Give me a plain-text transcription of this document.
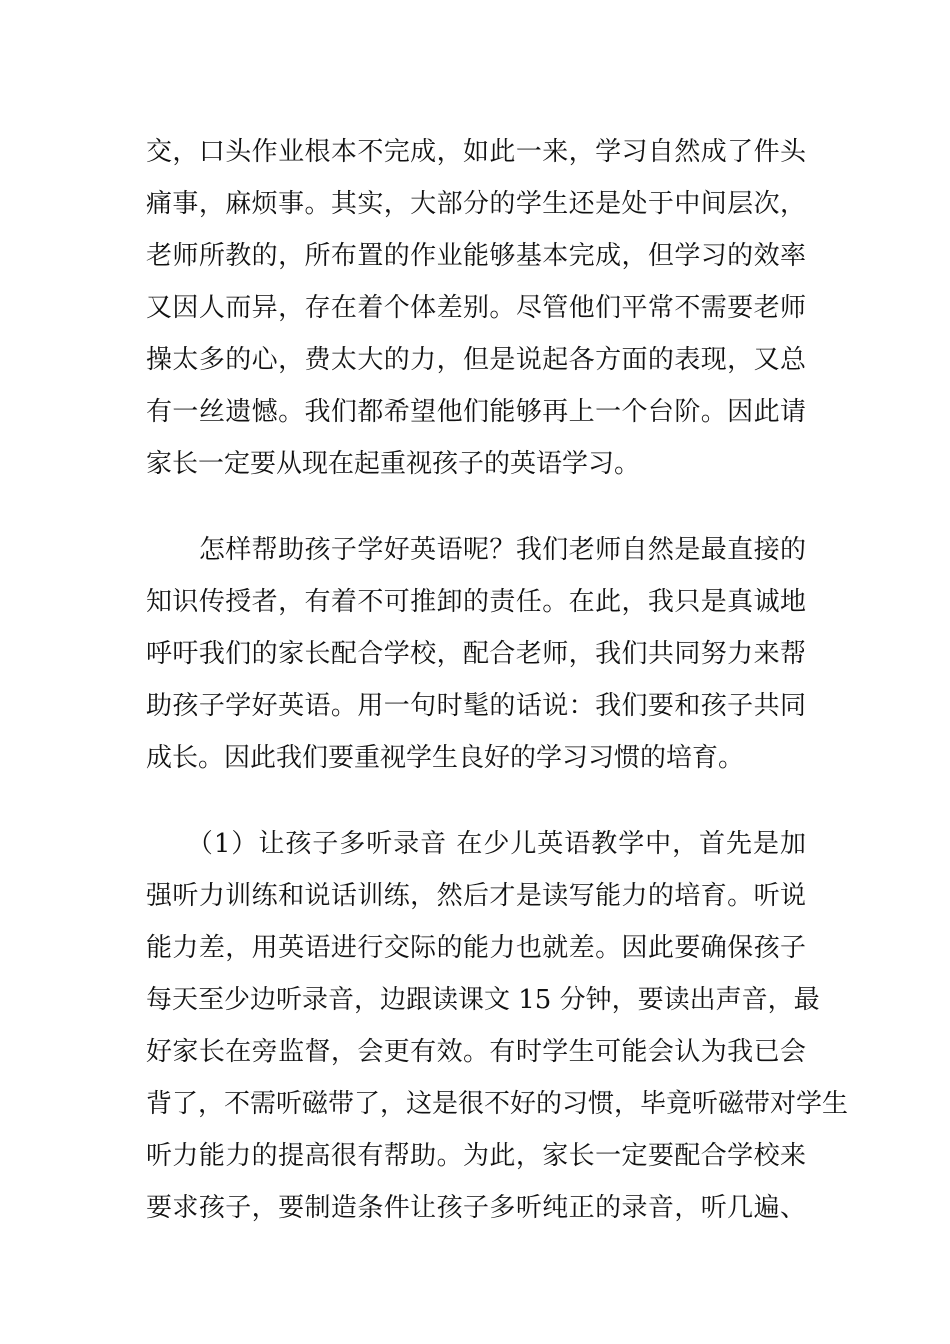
交，口头作业根本不完成，如此一来，学习自然成了件头
痛事，麻烦事。其实，大部分的学生还是处于中间层次，
老师所教的，所布置的作业能够基本完成，但学习的效率
又因人而异，存在着个体差别。尽管他们平常不需要老师
操太多的心，费太大的力，但是说起各方面的表现，又总
有一丝遗憾。我们都希望他们能够再上一个台阶。因此请
家长一定要从现在起重视孩子的英语学习。
　　怎样帮助孩子学好英语呢？我们老师自然是最直接的
知识传授者，有着不可推卸的责任。在此，我只是真诚地
呼吁我们的家长配合学校，配合老师，我们共同努力来帮
助孩子学好英语。用一句时髦的话说：我们要和孩子共同
成长。因此我们要重视学生良好的学习习惯的培育。
　　（1）让孩子多听录音 在少儿英语教学中，首先是加
强听力训练和说话训练，然后才是读写能力的培育。听说
能力差，用英语进行交际的能力也就差。因此要确保孩子
每天至少边听录音，边跟读课文 15 分钟，要读出声音，最
好家长在旁监督，会更有效。有时学生可能会认为我已会
背了，不需听磁带了，这是很不好的习惯，毕竟听磁带对学生
听力能力的提高很有帮助。为此，家长一定要配合学校来
要求孩子，要制造条件让孩子多听纯正的录音，听几遍、
